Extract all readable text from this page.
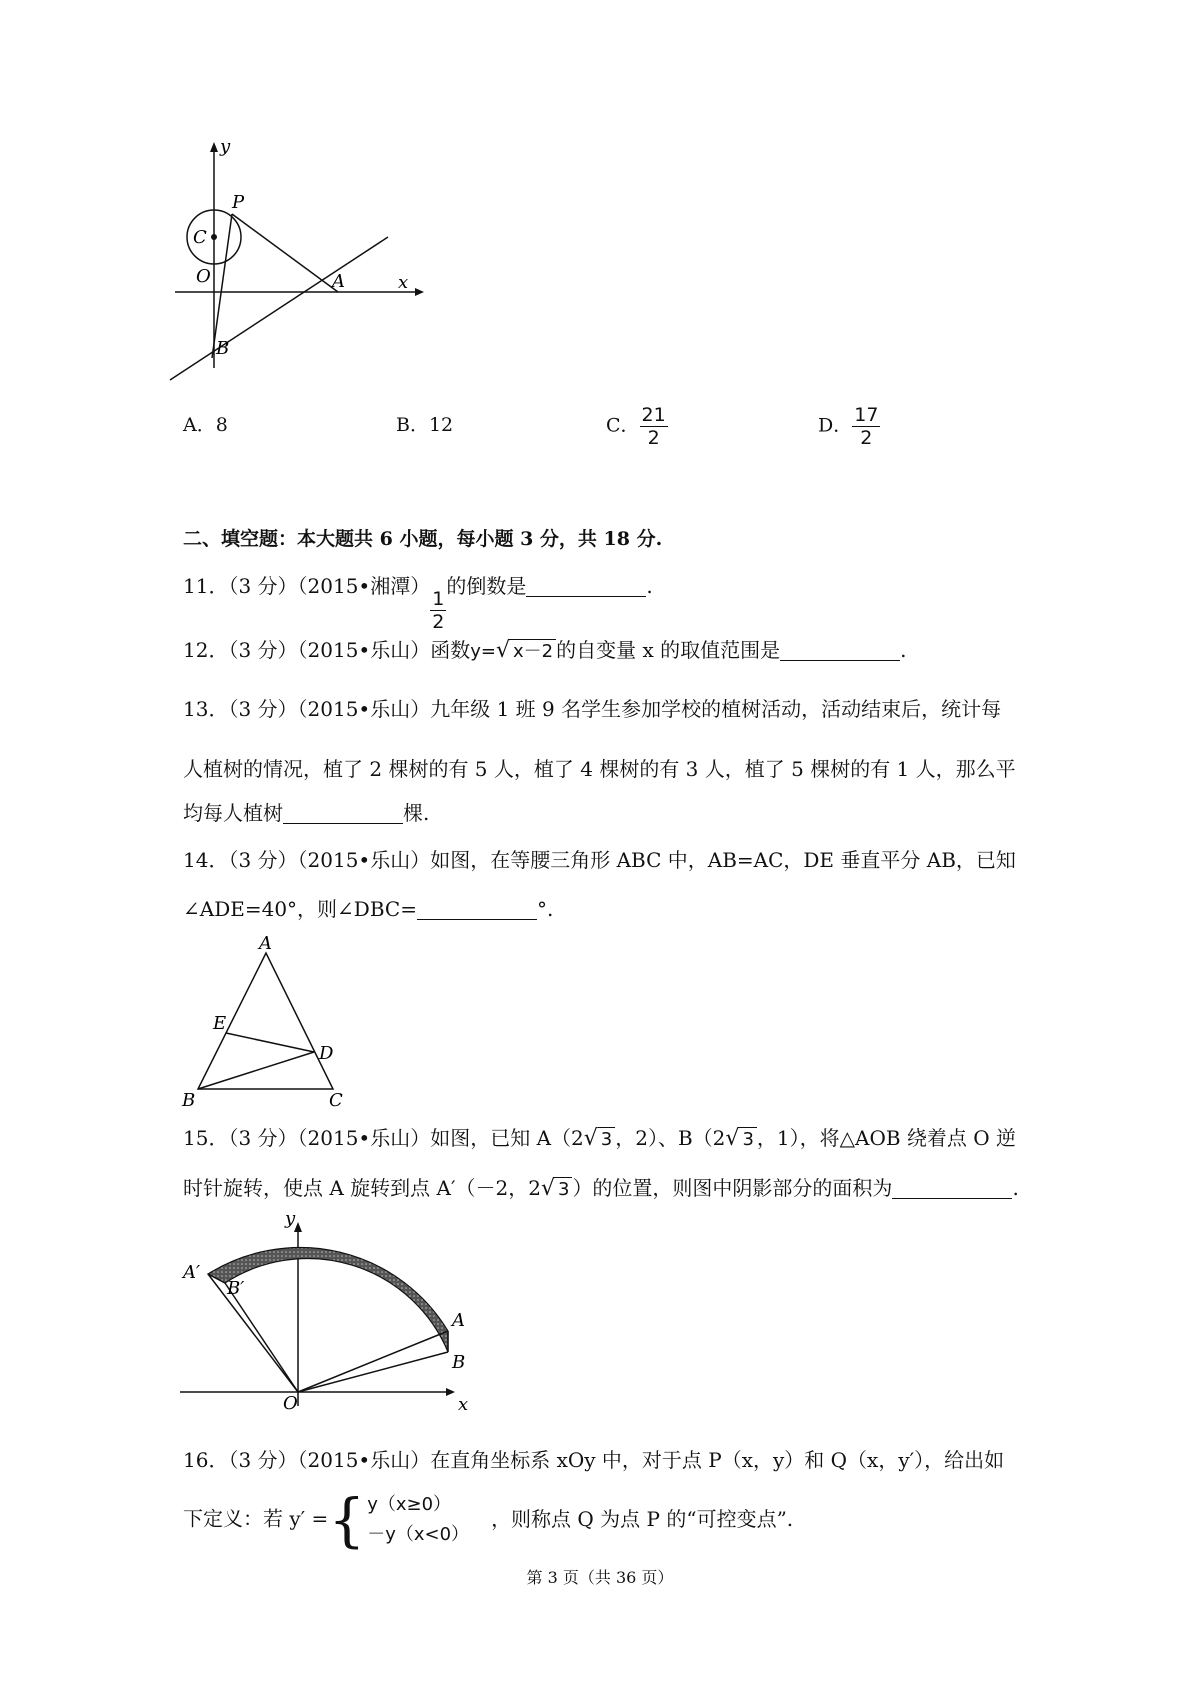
y
x
P
C
O	A
B
A．8	B．12	C． $\frac{21}{2}$	D． $\frac{17}{2}$
二、填空题：本大题共 6 小题，每小题 3 分，共 18 分.
11．（3 分）（2015•湘潭）
$\frac{1}{2}$
的倒数是	.
12．（3 分）（2015•乐山）函数y=√ x－2 的自变量 x 的取值范围是	.
13．（3 分）（2015•乐山）九年级 1 班 9 名学生参加学校的植树活动，活动结束后，统计每
人植树的情况，植了 2 棵树的有 5 人，植了 4 棵树的有 3 人，植了 5 棵树的有 1 人，那么平
均每人植树	棵.
14．（3 分）（2015•乐山）如图，在等腰三角形 ABC 中，AB=AC，DE 垂直平分 AB，已知
∠ADE=40°，则∠DBC=	°.
A
E
D
B	C
15．（3 分）（2015•乐山）如图，已知 A（2√ 3 ，2）、B（2√ 3 ，1），将△AOB 绕着点 O 逆
时针旋转，使点 A 旋转到点 A′（－2，2√ 3 ）的位置，则图中阴影部分的面积为	.
y
x
O
A
B
A′
B′
16．（3 分）（2015•乐山）在直角坐标系 xOy 中，对于点 P（x，y）和 Q（x，y′），给出如
下定义：若 y′ = { y（x≥0）
－y（x<0）
，则称点 Q 为点 P 的“可控变点”.
第 3 页（共 36 页）
